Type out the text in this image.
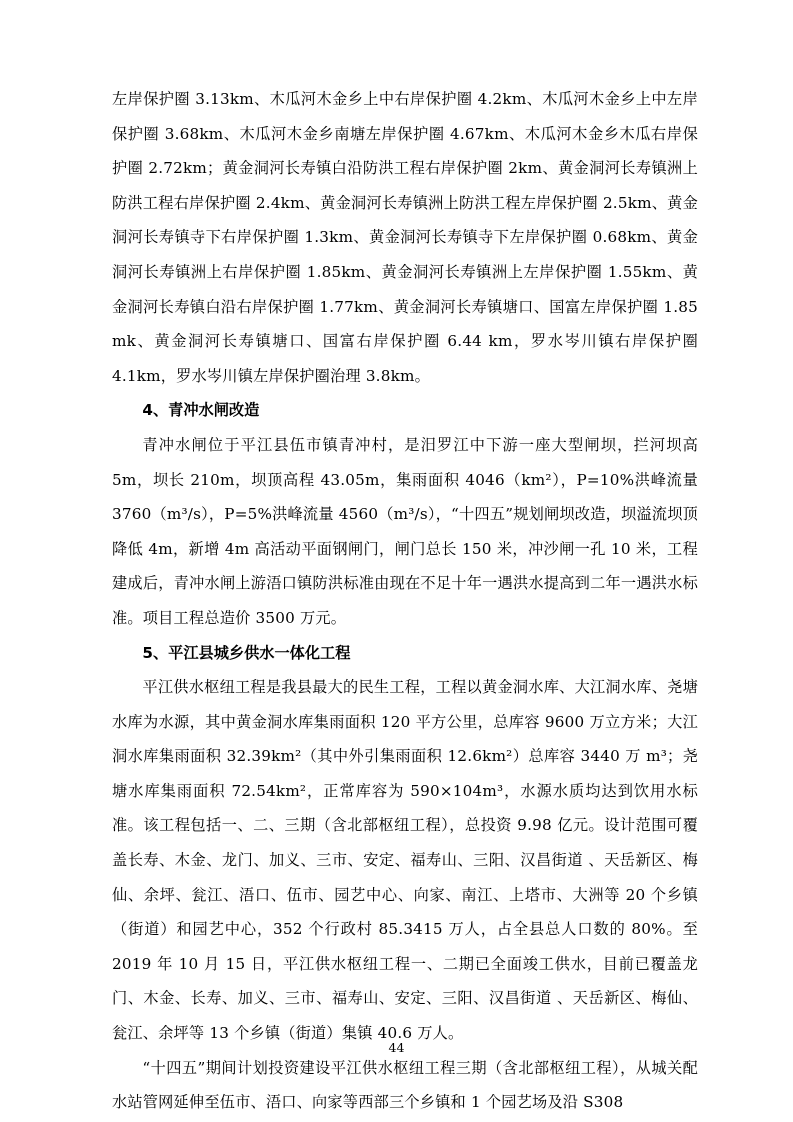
左岸保护圈 3.13km、木瓜河木金乡上中右岸保护圈 4.2km、木瓜河木金乡上中左岸保护圈 3.68km、木瓜河木金乡南塘左岸保护圈 4.67km、木瓜河木金乡木瓜右岸保护圈 2.72km；黄金洞河长寿镇白沿防洪工程右岸保护圈 2km、黄金洞河长寿镇洲上防洪工程右岸保护圈 2.4km、黄金洞河长寿镇洲上防洪工程左岸保护圈 2.5km、黄金洞河长寿镇寺下右岸保护圈 1.3km、黄金洞河长寿镇寺下左岸保护圈 0.68km、黄金洞河长寿镇洲上右岸保护圈 1.85km、黄金洞河长寿镇洲上左岸保护圈 1.55km、黄金洞河长寿镇白沿右岸保护圈 1.77km、黄金洞河长寿镇塘口、国富左岸保护圈 1.85 mk、黄金洞河长寿镇塘口、国富右岸保护圈 6.44 km，罗水岑川镇右岸保护圈 4.1km，罗水岑川镇左岸保护圈治理 3.8km。

4、青冲水闸改造

青冲水闸位于平江县伍市镇青冲村，是汨罗江中下游一座大型闸坝，拦河坝高 5m，坝长 210m，坝顶高程 43.05m，集雨面积 4046（km²），P=10%洪峰流量 3760（m³/s），P=5%洪峰流量 4560（m³/s），“十四五”规划闸坝改造，坝溢流坝顶降低 4m，新增 4m 高活动平面钢闸门，闸门总长 150 米，冲沙闸一孔 10 米，工程建成后，青冲水闸上游浯口镇防洪标准由现在不足十年一遇洪水提高到二年一遇洪水标准。项目工程总造价 3500 万元。

5、平江县城乡供水一体化工程

平江供水枢纽工程是我县最大的民生工程，工程以黄金洞水库、大江洞水库、尧塘水库为水源，其中黄金洞水库集雨面积 120 平方公里，总库容 9600 万立方米；大江洞水库集雨面积 32.39km²（其中外引集雨面积 12.6km²）总库容 3440 万 m³；尧塘水库集雨面积 72.54km²，正常库容为 590×104m³，水源水质均达到饮用水标准。该工程包括一、二、三期（含北部枢纽工程），总投资 9.98 亿元。设计范围可覆盖长寿、木金、龙门、加义、三市、安定、福寿山、三阳、汉昌街道 、天岳新区、梅仙、余坪、瓮江、浯口、伍市、园艺中心、向家、南江、上塔市、大洲等 20 个乡镇（街道）和园艺中心，352 个行政村 85.3415 万人，占全县总人口数的 80%。至 2019 年 10 月 15 日，平江供水枢纽工程一、二期已全面竣工供水，目前已覆盖龙门、木金、长寿、加义、三市、福寿山、安定、三阳、汉昌街道 、天岳新区、梅仙、瓮江、余坪等 13 个乡镇（街道）集镇 40.6 万人。

“十四五”期间计划投资建设平江供水枢纽工程三期（含北部枢纽工程），从城关配水站管网延伸至伍市、浯口、向家等西部三个乡镇和 1 个园艺场及沿 S308

44
